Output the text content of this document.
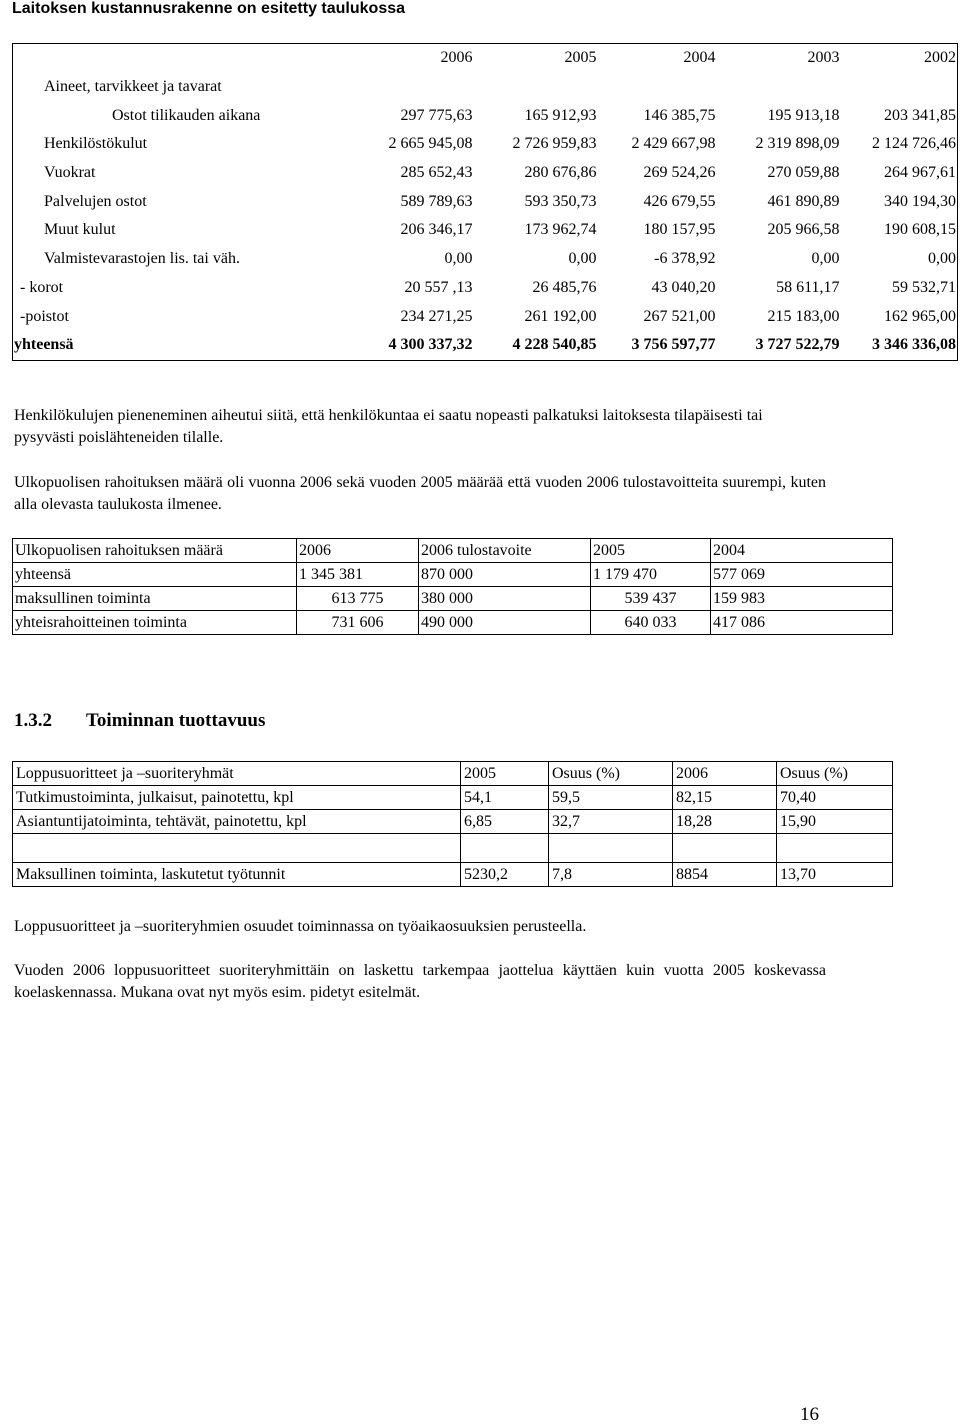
Laitoksen kustannusrakenne on esitetty taulukossa
	2006	2005	2004	2003	2002
Aineet, tarvikkeet ja tavarat					
Ostot tilikauden aikana	297 775,63	165 912,93	146 385,75	195 913,18	203 341,85
Henkilöstökulut	2 665 945,08	2 726 959,83	2 429 667,98	2 319 898,09	2 124 726,46
Vuokrat	285 652,43	280 676,86	269 524,26	270 059,88	264 967,61
Palvelujen ostot	589 789,63	593 350,73	426 679,55	461 890,89	340 194,30
Muut kulut	206 346,17	173 962,74	180 157,95	205 966,58	190 608,15
Valmistevarastojen lis. tai väh.	0,00	0,00	-6 378,92	0,00	0,00
- korot	20 557 ,13	26 485,76	43 040,20	58 611,17	59 532,71
-poistot	234 271,25	261 192,00	267 521,00	215 183,00	162 965,00
yhteensä	4 300 337,32	4 228 540,85	3 756 597,77	3 727 522,79	3 346 336,08
Henkilökulujen pieneneminen aiheutui siitä, että henkilökuntaa ei saatu nopeasti palkatuksi laitoksesta tilapäisesti tai pysyvästi poislähteneiden tilalle.
Ulkopuolisen rahoituksen määrä oli vuonna 2006 sekä vuoden 2005 määrää että vuoden 2006 tulostavoitteita suurempi, kuten alla olevasta taulukosta ilmenee.
Ulkopuolisen rahoituksen määrä	2006	2006 tulostavoite	2005	2004
yhteensä	1 345 381	870 000	1 179 470	577 069
maksullinen toiminta	613 775	380 000	539 437	159 983
yhteisrahoitteinen toiminta	731 606	490 000	640 033	417 086
1.3.2 Toiminnan tuottavuus
Loppusuoritteet ja –suoriteryhmät	2005	Osuus (%)	2006	Osuus (%)
Tutkimustoiminta, julkaisut, painotettu, kpl	54,1	59,5	82,15	70,40
Asiantuntijatoiminta, tehtävät, painotettu, kpl	6,85	32,7	18,28	15,90

Maksullinen toiminta, laskutetut työtunnit	5230,2	7,8	8854	13,70
Loppusuoritteet ja –suoriteryhmien osuudet toiminnassa on työaikaosuuksien perusteella.
Vuoden 2006 loppusuoritteet suoriteryhmittäin on laskettu tarkempaa jaottelua käyttäen kuin vuotta 2005 koskevassa koelaskennassa. Mukana ovat nyt myös esim. pidetyt esitelmät.
16
